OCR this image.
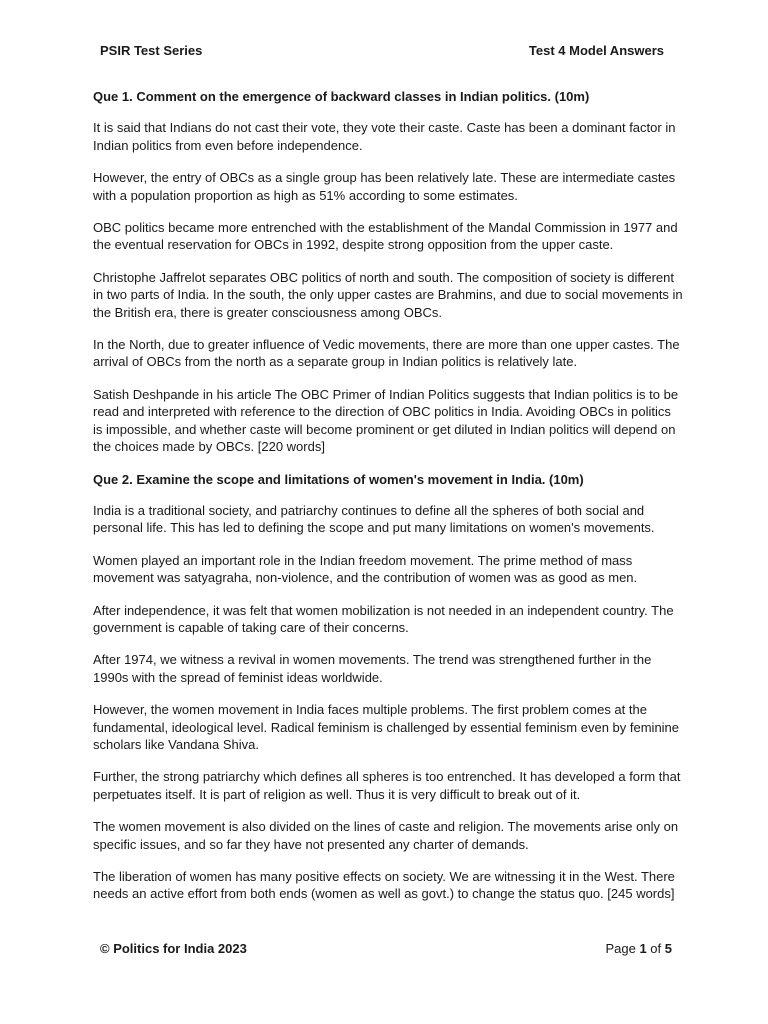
PSIR Test Series	Test 4 Model Answers
Que 1. Comment on the emergence of backward classes in Indian politics. (10m)

It is said that Indians do not cast their vote, they vote their caste. Caste has been a dominant factor in Indian politics from even before independence.

However, the entry of OBCs as a single group has been relatively late. These are intermediate castes with a population proportion as high as 51% according to some estimates.

OBC politics became more entrenched with the establishment of the Mandal Commission in 1977 and the eventual reservation for OBCs in 1992, despite strong opposition from the upper caste.

Christophe Jaffrelot separates OBC politics of north and south. The composition of society is different in two parts of India. In the south, the only upper castes are Brahmins, and due to social movements in the British era, there is greater consciousness among OBCs.

In the North, due to greater influence of Vedic movements, there are more than one upper castes. The arrival of OBCs from the north as a separate group in Indian politics is relatively late.

Satish Deshpande in his article The OBC Primer of Indian Politics suggests that Indian politics is to be read and interpreted with reference to the direction of OBC politics in India. Avoiding OBCs in politics is impossible, and whether caste will become prominent or get diluted in Indian politics will depend on the choices made by OBCs. [220 words]

Que 2. Examine the scope and limitations of women's movement in India. (10m)

India is a traditional society, and patriarchy continues to define all the spheres of both social and personal life. This has led to defining the scope and put many limitations on women's movements.

Women played an important role in the Indian freedom movement. The prime method of mass movement was satyagraha, non-violence, and the contribution of women was as good as men.

After independence, it was felt that women mobilization is not needed in an independent country. The government is capable of taking care of their concerns.

After 1974, we witness a revival in women movements. The trend was strengthened further in the 1990s with the spread of feminist ideas worldwide.

However, the women movement in India faces multiple problems. The first problem comes at the fundamental, ideological level. Radical feminism is challenged by essential feminism even by feminine scholars like Vandana Shiva.

Further, the strong patriarchy which defines all spheres is too entrenched. It has developed a form that perpetuates itself. It is part of religion as well. Thus it is very difficult to break out of it.

The women movement is also divided on the lines of caste and religion. The movements arise only on specific issues, and so far they have not presented any charter of demands.

The liberation of women has many positive effects on society. We are witnessing it in the West. There needs an active effort from both ends (women as well as govt.) to change the status quo. [245 words]

© Politics for India 2023	Page 1 of 5
